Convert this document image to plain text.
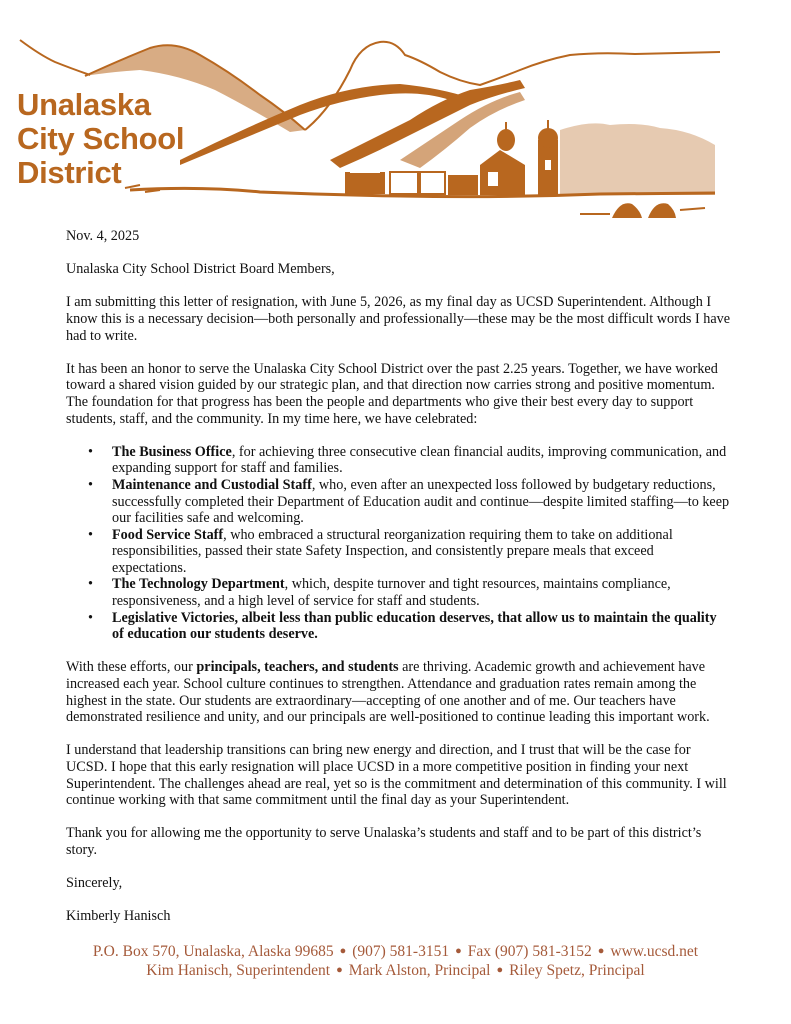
Unalaska
City School
District

Nov. 4, 2025

Unalaska City School District Board Members,

I am submitting this letter of resignation, with June 5, 2026, as my final day as UCSD Superintendent. Although I know this is a necessary decision—both personally and professionally—these may be the most difficult words I have had to write.

It has been an honor to serve the Unalaska City School District over the past 2.25 years. Together, we have worked toward a shared vision guided by our strategic plan, and that direction now carries strong and positive momentum. The foundation for that progress has been the people and departments who give their best every day to support students, staff, and the community. In my time here, we have celebrated:

• The Business Office, for achieving three consecutive clean financial audits, improving communication, and expanding support for staff and families.
• Maintenance and Custodial Staff, who, even after an unexpected loss followed by budgetary reductions, successfully completed their Department of Education audit and continue—despite limited staffing—to keep our facilities safe and welcoming.
• Food Service Staff, who embraced a structural reorganization requiring them to take on additional responsibilities, passed their state Safety Inspection, and consistently prepare meals that exceed expectations.
• The Technology Department, which, despite turnover and tight resources, maintains compliance, responsiveness, and a high level of service for staff and students.
• Legislative Victories, albeit less than public education deserves, that allow us to maintain the quality of education our students deserve.

With these efforts, our principals, teachers, and students are thriving. Academic growth and achievement have increased each year. School culture continues to strengthen. Attendance and graduation rates remain among the highest in the state. Our students are extraordinary—accepting of one another and of me. Our teachers have demonstrated resilience and unity, and our principals are well-positioned to continue leading this important work.

I understand that leadership transitions can bring new energy and direction, and I trust that will be the case for UCSD. I hope that this early resignation will place UCSD in a more competitive position in finding your next Superintendent. The challenges ahead are real, yet so is the commitment and determination of this community. I will continue working with that same commitment until the final day as your Superintendent.

Thank you for allowing me the opportunity to serve Unalaska’s students and staff and to be part of this district’s story.

Sincerely,

Kimberly Hanisch

P.O. Box 570, Unalaska, Alaska 99685 ● (907) 581-3151 ● Fax (907) 581-3152 ● www.ucsd.net
Kim Hanisch, Superintendent ● Mark Alston, Principal ● Riley Spetz, Principal
